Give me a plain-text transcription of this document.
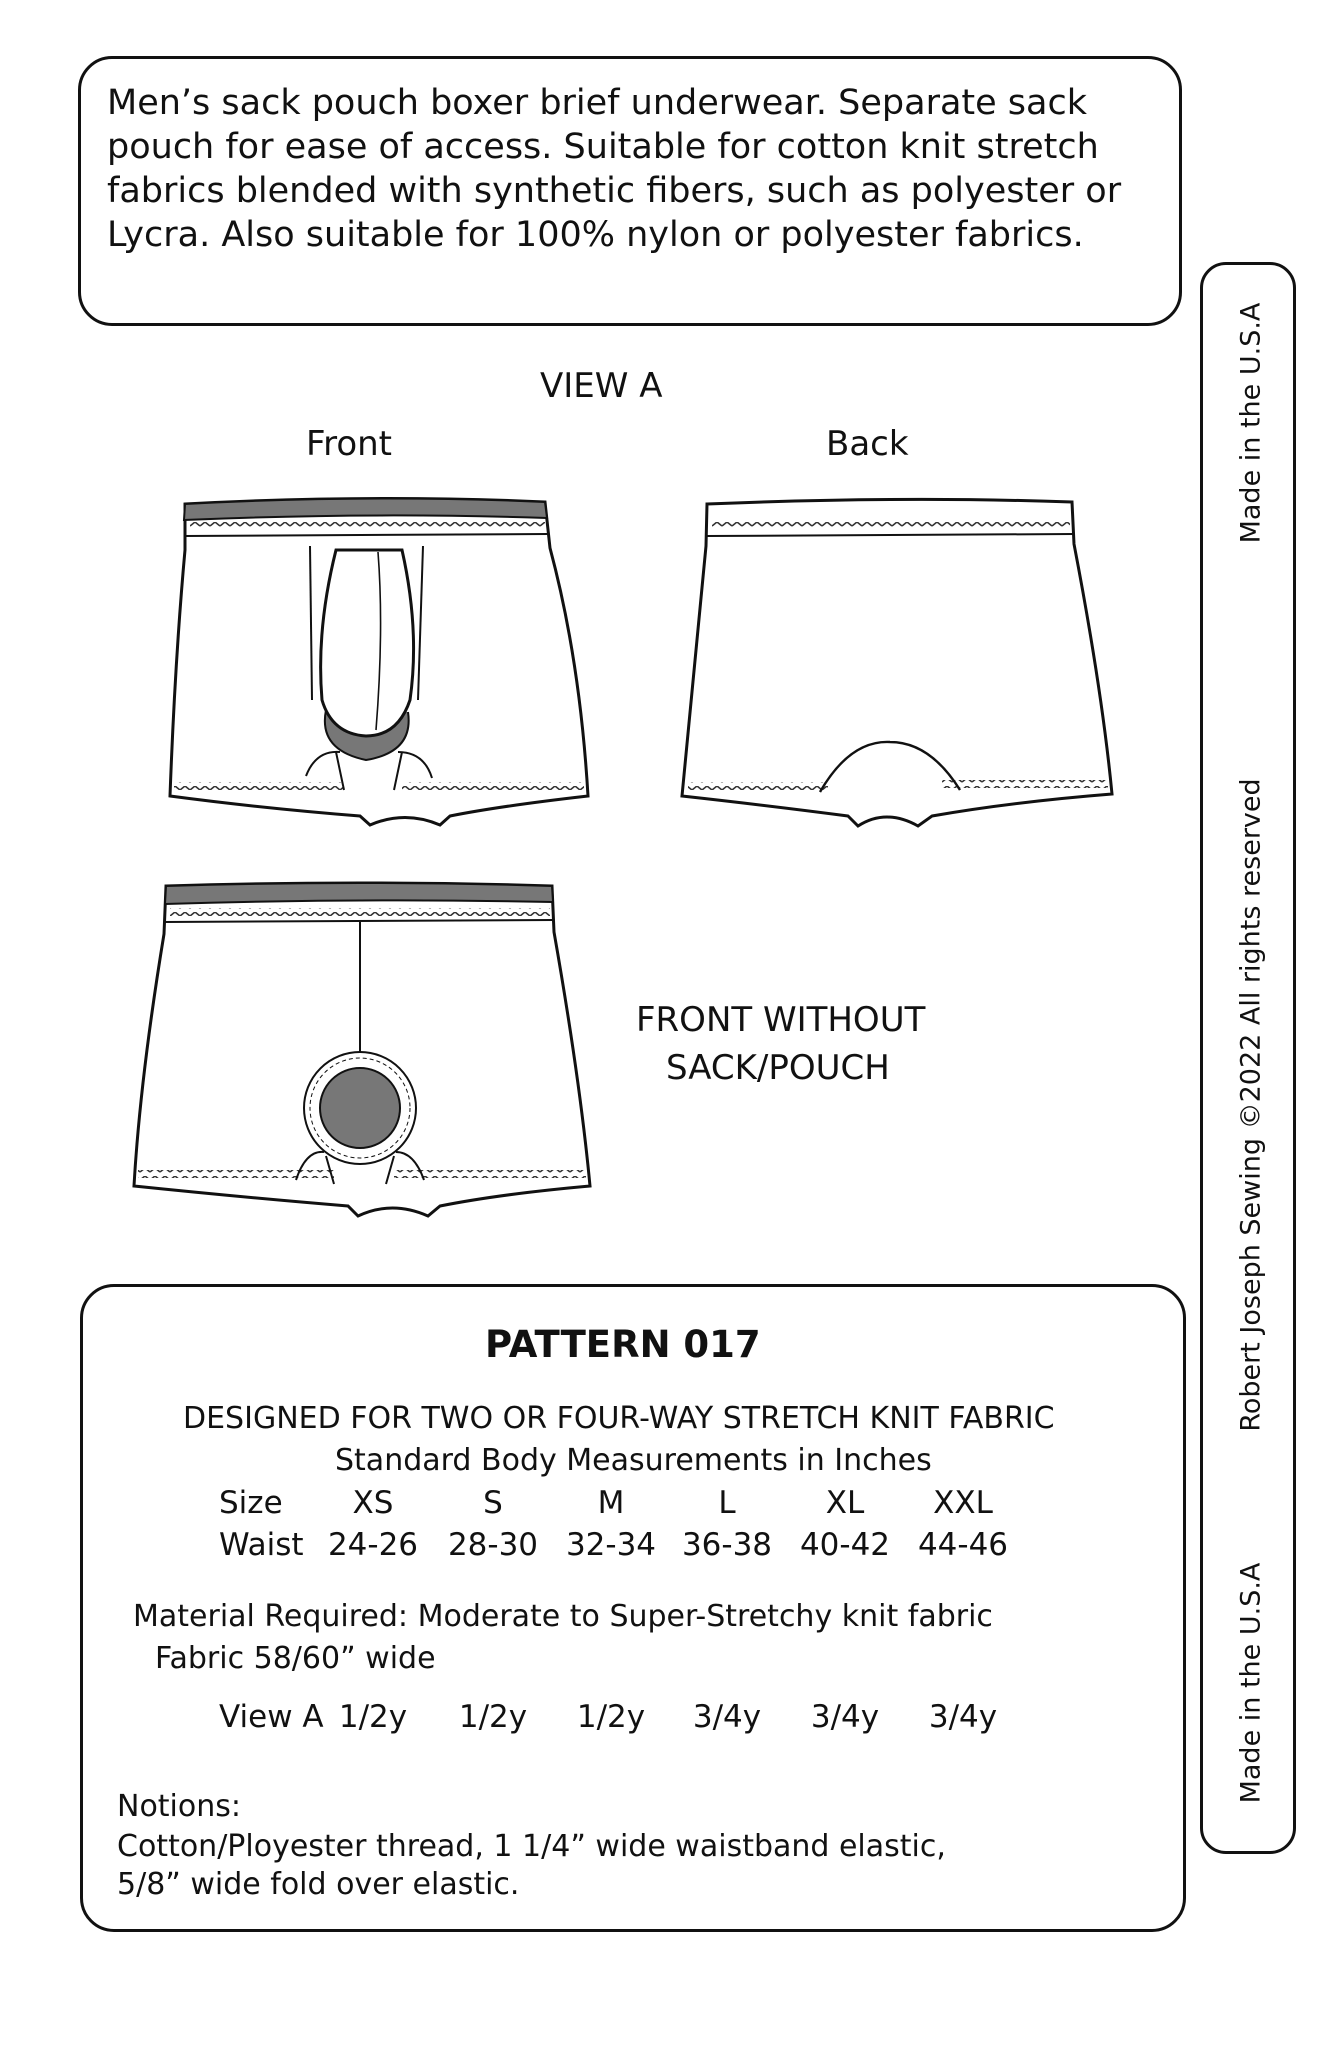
Men’s sack pouch boxer brief underwear. Separate sack pouch for ease of access. Suitable for cotton knit stretch fabrics blended with synthetic fibers, such as polyester or Lycra. Also suitable for 100% nylon or polyester fabrics.

Made in the U.S.A
Robert Joseph Sewing ©2022 All rights reserved
Made in the U.S.A
VIEW A
Front	Back
FRONT WITHOUT
SACK/POUCH
PATTERN 017
DESIGNED FOR TWO OR FOUR-WAY STRETCH KNIT FABRIC
Standard Body Measurements in Inches
Size XS	S	M	L	XL XXL
Waist 24-26 28-30 32-34 36-38 40-42 44-46
Material Required: Moderate to Super-Stretchy knit fabric
Fabric 58/60” wide
View A 1/2y 1/2y 1/2y 3/4y 3/4y 3/4y
Notions:
Cotton/Ployester thread, 1 1/4” wide waistband elastic,
5/8” wide fold over elastic.
